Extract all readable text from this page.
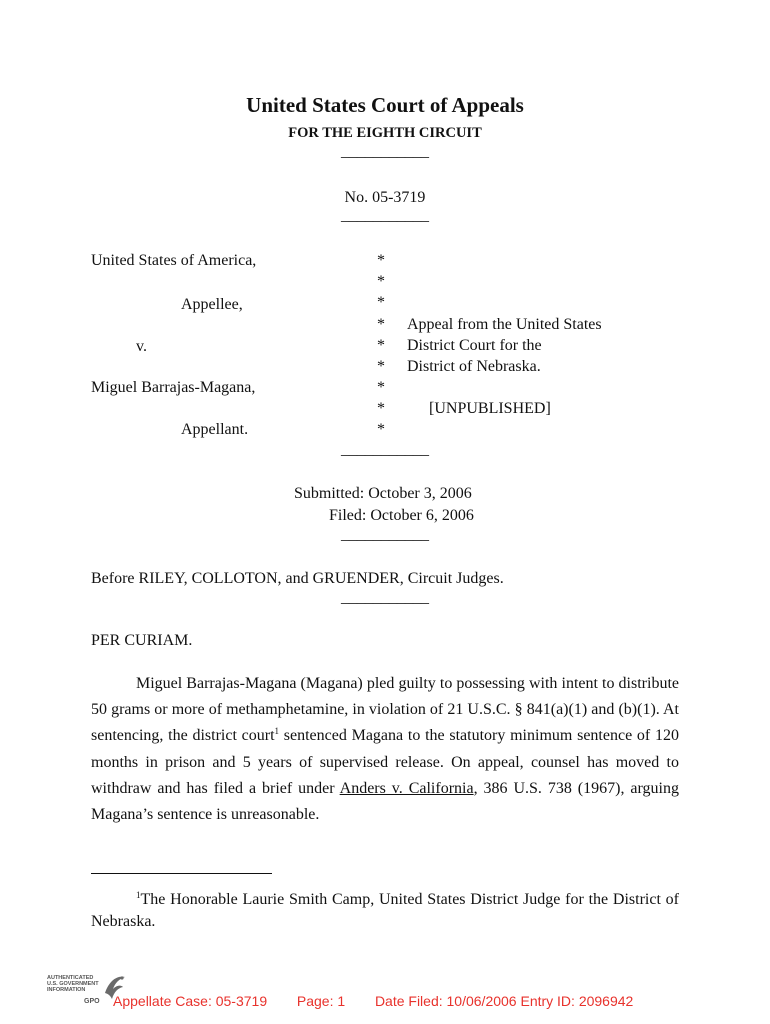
United States Court of Appeals
FOR THE EIGHTH CIRCUIT
___________
No. 05-3719
___________
United States of America,
Appellee,
v.
Miguel Barrajas-Magana,
Appellant.
*
*
*
*
*
*
*
*
*
Appeal from the United States
District Court for the
District of Nebraska.
[UNPUBLISHED]
___________
Submitted: October 3, 2006
Filed: October 6, 2006
___________
Before RILEY, COLLOTON, and GRUENDER, Circuit Judges.
___________
PER CURIAM.
Miguel Barrajas-Magana (Magana) pled guilty to possessing with intent to distribute 50 grams or more of methamphetamine, in violation of 21 U.S.C. § 841(a)(1) and (b)(1). At sentencing, the district court$^1$ sentenced Magana to the statutory minimum sentence of 120 months in prison and 5 years of supervised release. On appeal, counsel has moved to withdraw and has filed a brief under Anders v. California, 386 U.S. 738 (1967), arguing Magana’s sentence is unreasonable.
$^1$The Honorable Laurie Smith Camp, United States District Judge for the District of Nebraska.
AUTHENTICATED
U.S. GOVERNMENT
INFORMATION
GPO Appellate Case: 05-3719 Page: 1 Date Filed: 10/06/2006 Entry ID: 2096942
